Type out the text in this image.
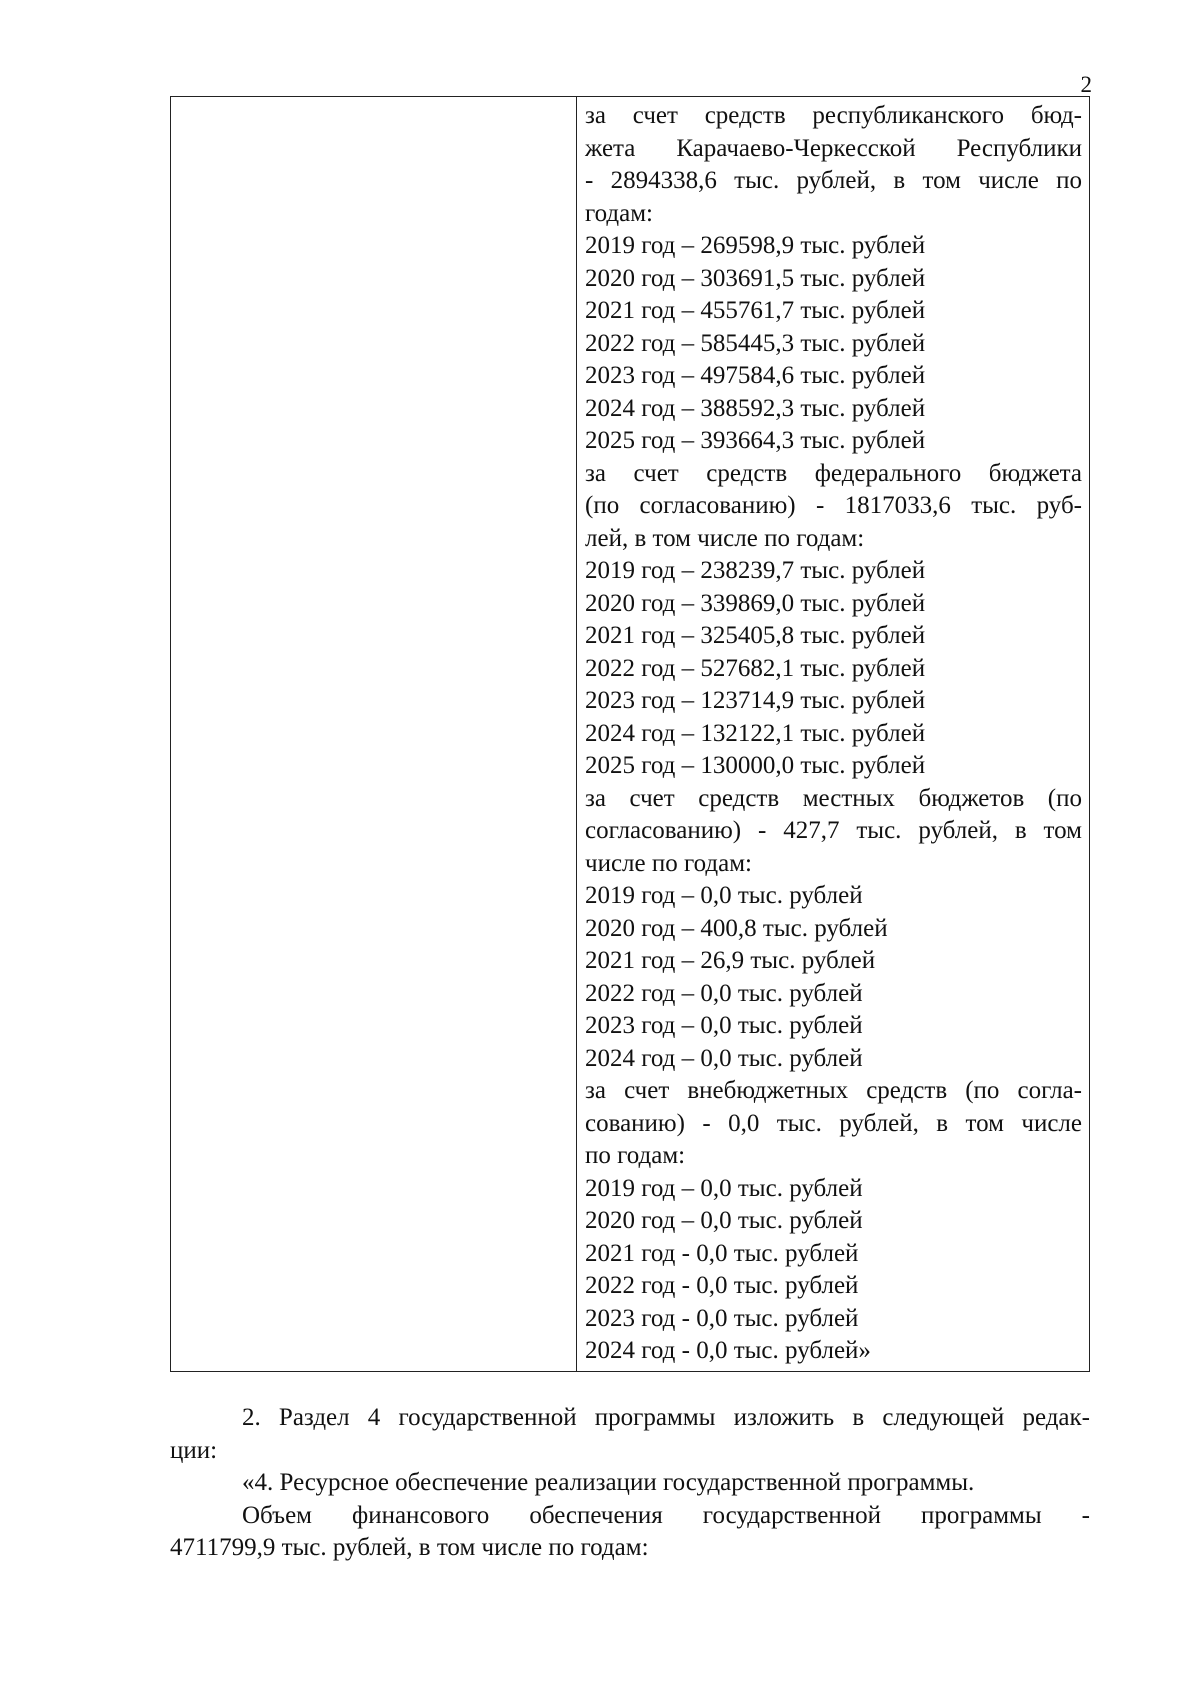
2
за счет средств республиканского бюд-
жета Карачаево-Черкесской Республики
- 2894338,6 тыс. рублей, в том числе по
годам:
2019 год – 269598,9 тыс. рублей
2020 год – 303691,5 тыс. рублей
2021 год – 455761,7 тыс. рублей
2022 год – 585445,3 тыс. рублей
2023 год – 497584,6 тыс. рублей
2024 год – 388592,3 тыс. рублей
2025 год – 393664,3 тыс. рублей
за счет средств федерального бюджета
(по согласованию) - 1817033,6 тыс. руб-
лей, в том числе по годам:
2019 год – 238239,7 тыс. рублей
2020 год – 339869,0 тыс. рублей
2021 год – 325405,8 тыс. рублей
2022 год – 527682,1 тыс. рублей
2023 год – 123714,9 тыс. рублей
2024 год – 132122,1 тыс. рублей
2025 год – 130000,0 тыс. рублей
за счет средств местных бюджетов (по
согласованию) - 427,7 тыс. рублей, в том
числе по годам:
2019 год – 0,0 тыс. рублей
2020 год – 400,8 тыс. рублей
2021 год – 26,9 тыс. рублей
2022 год – 0,0 тыс. рублей
2023 год – 0,0 тыс. рублей
2024 год – 0,0 тыс. рублей
за счет внебюджетных средств (по согла-
сованию) - 0,0 тыс. рублей, в том числе
по годам:
2019 год – 0,0 тыс. рублей
2020 год – 0,0 тыс. рублей
2021 год - 0,0 тыс. рублей
2022 год - 0,0 тыс. рублей
2023 год - 0,0 тыс. рублей
2024 год - 0,0 тыс. рублей»

2. Раздел 4 государственной программы изложить в следующей редак-

ции:

«4. Ресурсное обеспечение реализации государственной программы.

Объем финансового обеспечения государственной программы -

4711799,9 тыс. рублей, в том числе по годам:
